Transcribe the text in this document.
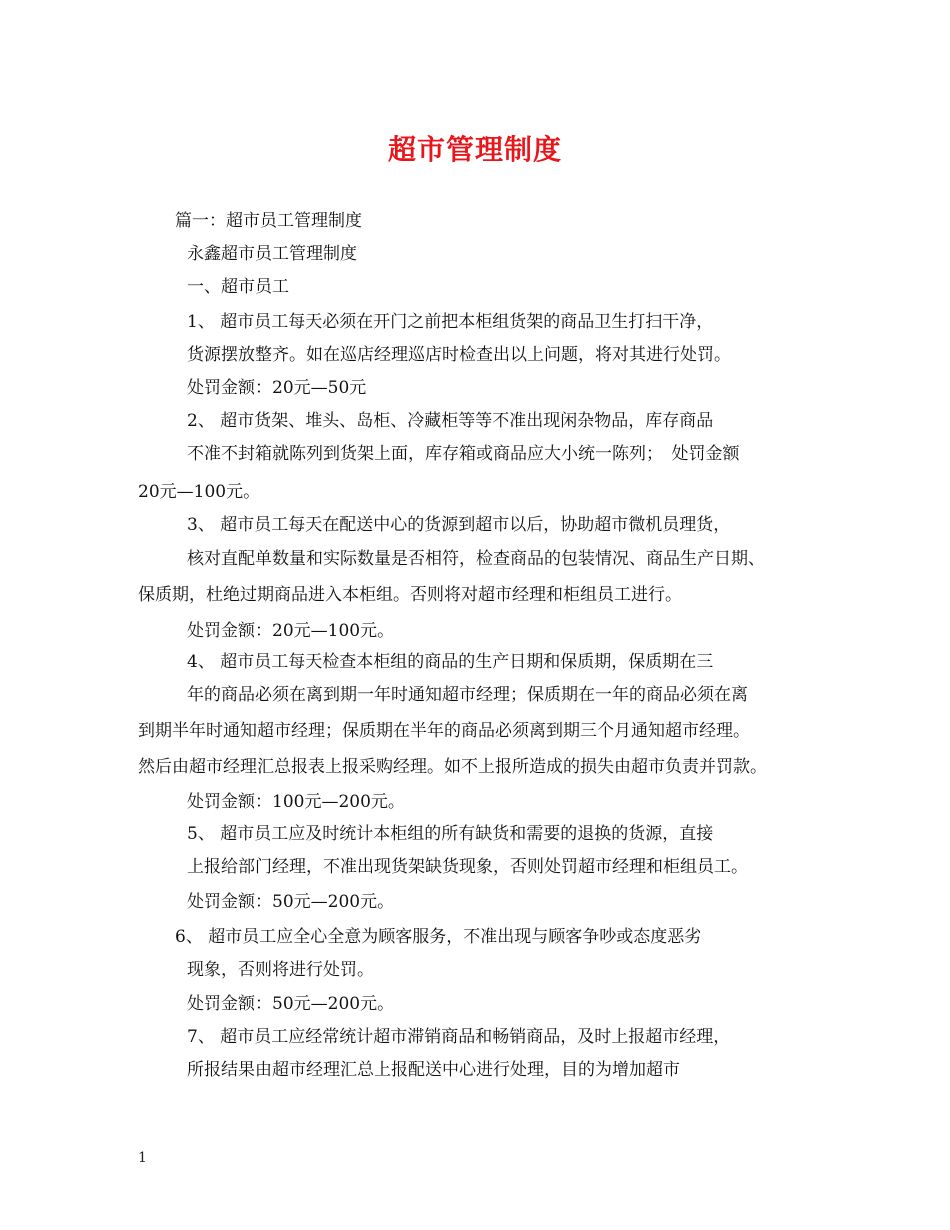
超市管理制度
篇一：超市员工管理制度
永鑫超市员工管理制度
一、超市员工
1、 超市员工每天必须在开门之前把本柜组货架的商品卫生打扫干净，
货源摆放整齐。如在巡店经理巡店时检查出以上问题，将对其进行处罚。
处罚金额：20元—50元
2、 超市货架、堆头、岛柜、冷藏柜等等不准出现闲杂物品，库存商品
不准不封箱就陈列到货架上面，库存箱或商品应大小统一陈列；　处罚金额
20元—100元。
3、 超市员工每天在配送中心的货源到超市以后，协助超市微机员理货，
核对直配单数量和实际数量是否相符，检查商品的包装情况、商品生产日期、
保质期，杜绝过期商品进入本柜组。否则将对超市经理和柜组员工进行。
处罚金额：20元—100元。
4、 超市员工每天检查本柜组的商品的生产日期和保质期，保质期在三
年的商品必须在离到期一年时通知超市经理；保质期在一年的商品必须在离
到期半年时通知超市经理；保质期在半年的商品必须离到期三个月通知超市经理。
然后由超市经理汇总报表上报采购经理。如不上报所造成的损失由超市负责并罚款。
处罚金额：100元—200元。
5、 超市员工应及时统计本柜组的所有缺货和需要的退换的货源，直接
上报给部门经理，不准出现货架缺货现象，否则处罚超市经理和柜组员工。
处罚金额：50元—200元。
6、 超市员工应全心全意为顾客服务，不准出现与顾客争吵或态度恶劣
现象，否则将进行处罚。
处罚金额：50元—200元。
7、 超市员工应经常统计超市滞销商品和畅销商品，及时上报超市经理，
所报结果由超市经理汇总上报配送中心进行处理，目的为增加超市
1
